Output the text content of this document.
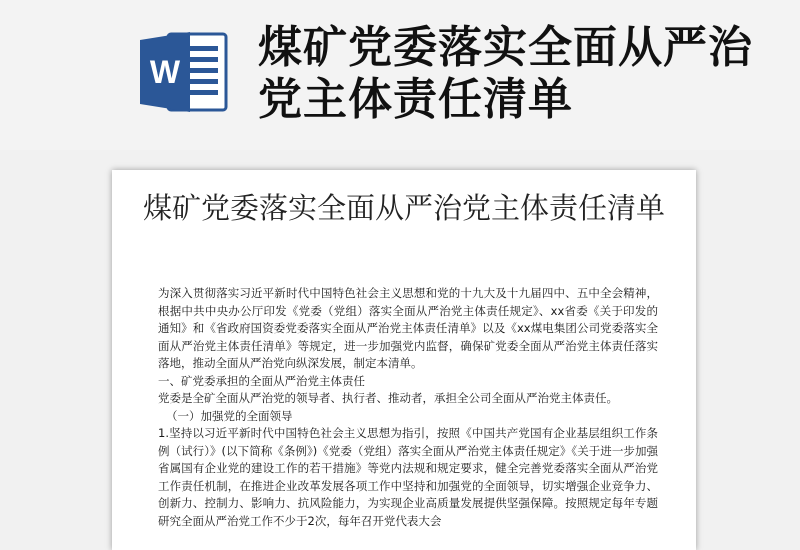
W 煤矿党委落实全面从严治党主体责任清单
煤矿党委落实全面从严治党主体责任清单

为深入贯彻落实习近平新时代中国特色社会主义思想和党的十九大及十九届四中、五中全会精神，根据中共中央办公厅印发《党委（党组）落实全面从严治党主体责任规定》、xx省委《关于印发的通知》和《省政府国资委党委落实全面从严治党主体责任清单》以及《xx煤电集团公司党委落实全面从严治党主体责任清单》等规定，进一步加强党内监督，确保矿党委全面从严治党主体责任落实落地，推动全面从严治党向纵深发展，制定本清单。

一、矿党委承担的全面从严治党主体责任

党委是全矿全面从严治党的领导者、执行者、推动者，承担全公司全面从严治党主体责任。

（一）加强党的全面领导

1.坚持以习近平新时代中国特色社会主义思想为指引，按照《中国共产党国有企业基层组织工作条例（试行）》(以下简称《条例》)《党委（党组）落实全面从严治党主体责任规定》《关于进一步加强省属国有企业党的建设工作的若干措施》等党内法规和规定要求，健全完善党委落实全面从严治党工作责任机制，在推进企业改革发展各项工作中坚持和加强党的全面领导，切实增强企业竞争力、创新力、控制力、影响力、抗风险能力，为实现企业高质量发展提供坚强保障。按照规定每年专题研究全面从严治党工作不少于2次，每年召开党代表大会
